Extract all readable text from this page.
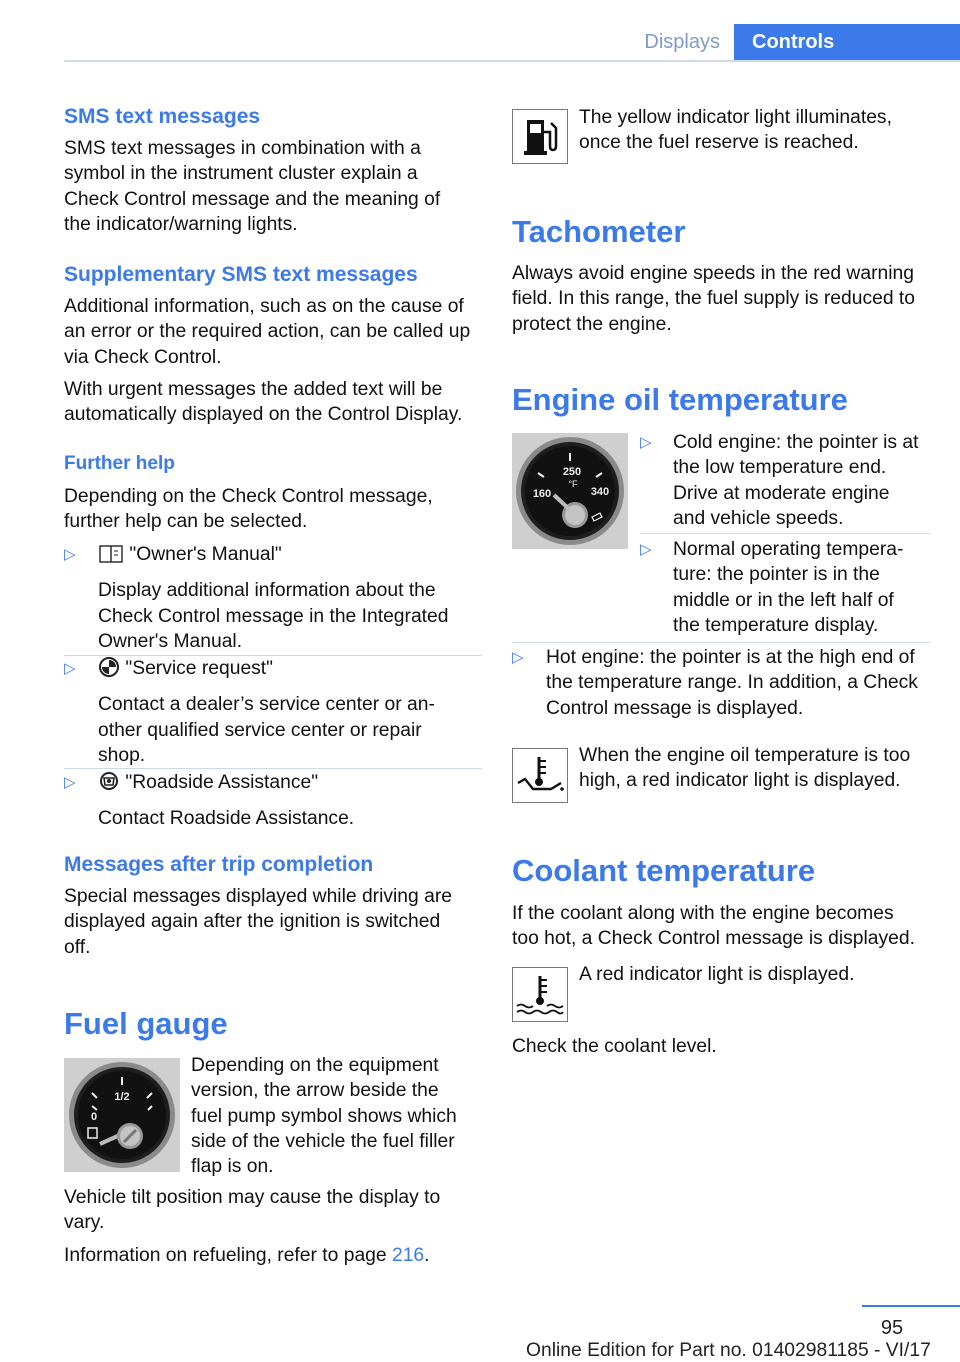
Displays	Controls
SMS text messages
SMS text messages in combination with a
symbol in the instrument cluster explain a
Check Control message and the meaning of
the indicator/warning lights.
Supplementary SMS text messages
Additional information, such as on the cause of
an error or the required action, can be called up
via Check Control.
With urgent messages the added text will be
automatically displayed on the Control Display.
Further help
Depending on the Check Control message,
further help can be selected.
▷	"Owner's Manual"
Display additional information about the
Check Control message in the Integrated
Owner's Manual.
▷	"Service request"
Contact a dealer’s service center or an‐
other qualified service center or repair
shop.
▷	"Roadside Assistance"
Contact Roadside Assistance.
Messages after trip completion
Special messages displayed while driving are
displayed again after the ignition is switched
off.
Fuel gauge
1/2
0
Depending on the equipment
version, the arrow beside the
fuel pump symbol shows which
side of the vehicle the fuel filler
flap is on.
Vehicle tilt position may cause the display to
vary.
Information on refueling, refer to page 216.
The yellow indicator light illuminates,
once the fuel reserve is reached.
Tachometer
Always avoid engine speeds in the red warning
field. In this range, the fuel supply is reduced to
protect the engine.
Engine oil temperature
250
°F
160	340
▷ Cold engine: the pointer is at
the low temperature end.
Drive at moderate engine
and vehicle speeds.
▷ Normal operating tempera‐
ture: the pointer is in the
middle or in the left half of
the temperature display.
▷ Hot engine: the pointer is at the high end of
the temperature range. In addition, a Check
Control message is displayed.
When the engine oil temperature is too
high, a red indicator light is displayed.
Coolant temperature
If the coolant along with the engine becomes
too hot, a Check Control message is displayed.
A red indicator light is displayed.
Check the coolant level.
95
Online Edition for Part no. 01402981185 - VI/17
